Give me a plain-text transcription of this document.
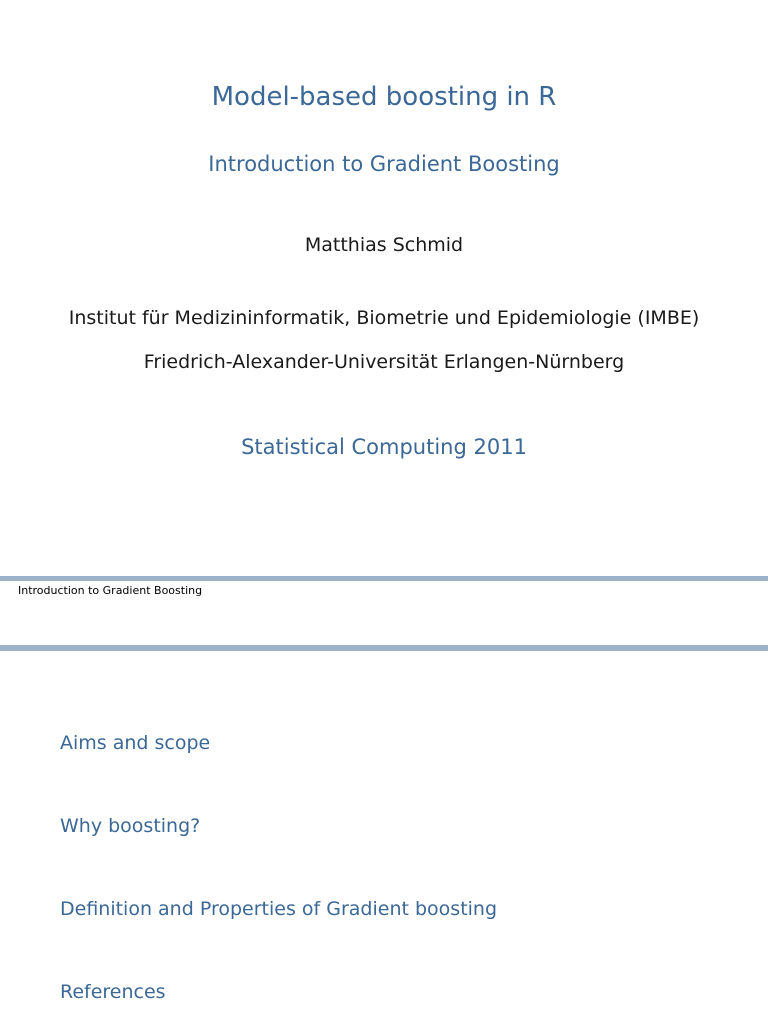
Model-based boosting in R
Introduction to Gradient Boosting
Matthias Schmid
Institut für Medizininformatik, Biometrie und Epidemiologie (IMBE)
Friedrich-Alexander-Universität Erlangen-Nürnberg
Statistical Computing 2011
Introduction to Gradient Boosting
Aims and scope
Why boosting?
Definition and Properties of Gradient boosting
References
